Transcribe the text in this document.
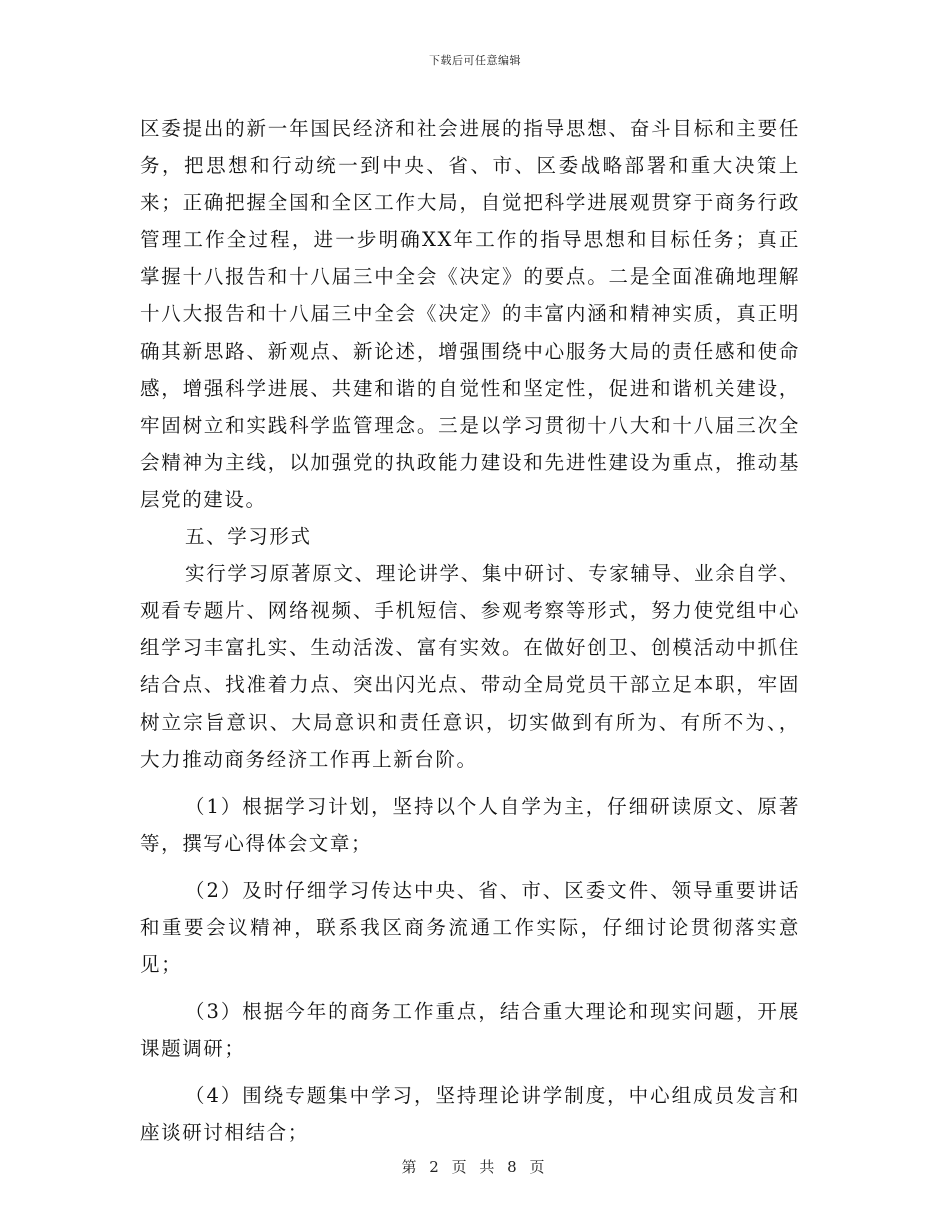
下载后可任意编辑

区委提出的新一年国民经济和社会进展的指导思想、奋斗目标和主要任务，把思想和行动统一到中央、省、市、区委战略部署和重大决策上来；正确把握全国和全区工作大局，自觉把科学进展观贯穿于商务行政管理工作全过程，进一步明确XX年工作的指导思想和目标任务；真正掌握十八报告和十八届三中全会《决定》的要点。二是全面准确地理解十八大报告和十八届三中全会《决定》的丰富内涵和精神实质，真正明确其新思路、新观点、新论述，增强围绕中心服务大局的责任感和使命感，增强科学进展、共建和谐的自觉性和坚定性，促进和谐机关建设，牢固树立和实践科学监管理念。三是以学习贯彻十八大和十八届三次全会精神为主线，以加强党的执政能力建设和先进性建设为重点，推动基层党的建设。

五、学习形式

实行学习原著原文、理论讲学、集中研讨、专家辅导、业余自学、观看专题片、网络视频、手机短信、参观考察等形式，努力使党组中心组学习丰富扎实、生动活泼、富有实效。在做好创卫、创模活动中抓住结合点、找准着力点、突出闪光点、带动全局党员干部立足本职，牢固树立宗旨意识、大局意识和责任意识，切实做到有所为、有所不为、，大力推动商务经济工作再上新台阶。

（1）根据学习计划，坚持以个人自学为主，仔细研读原文、原著等，撰写心得体会文章；

（2）及时仔细学习传达中央、省、市、区委文件、领导重要讲话和重要会议精神，联系我区商务流通工作实际，仔细讨论贯彻落实意见；

（3）根据今年的商务工作重点，结合重大理论和现实问题，开展课题调研；

（4）围绕专题集中学习，坚持理论讲学制度，中心组成员发言和座谈研讨相结合；

第 2 页 共 8 页
